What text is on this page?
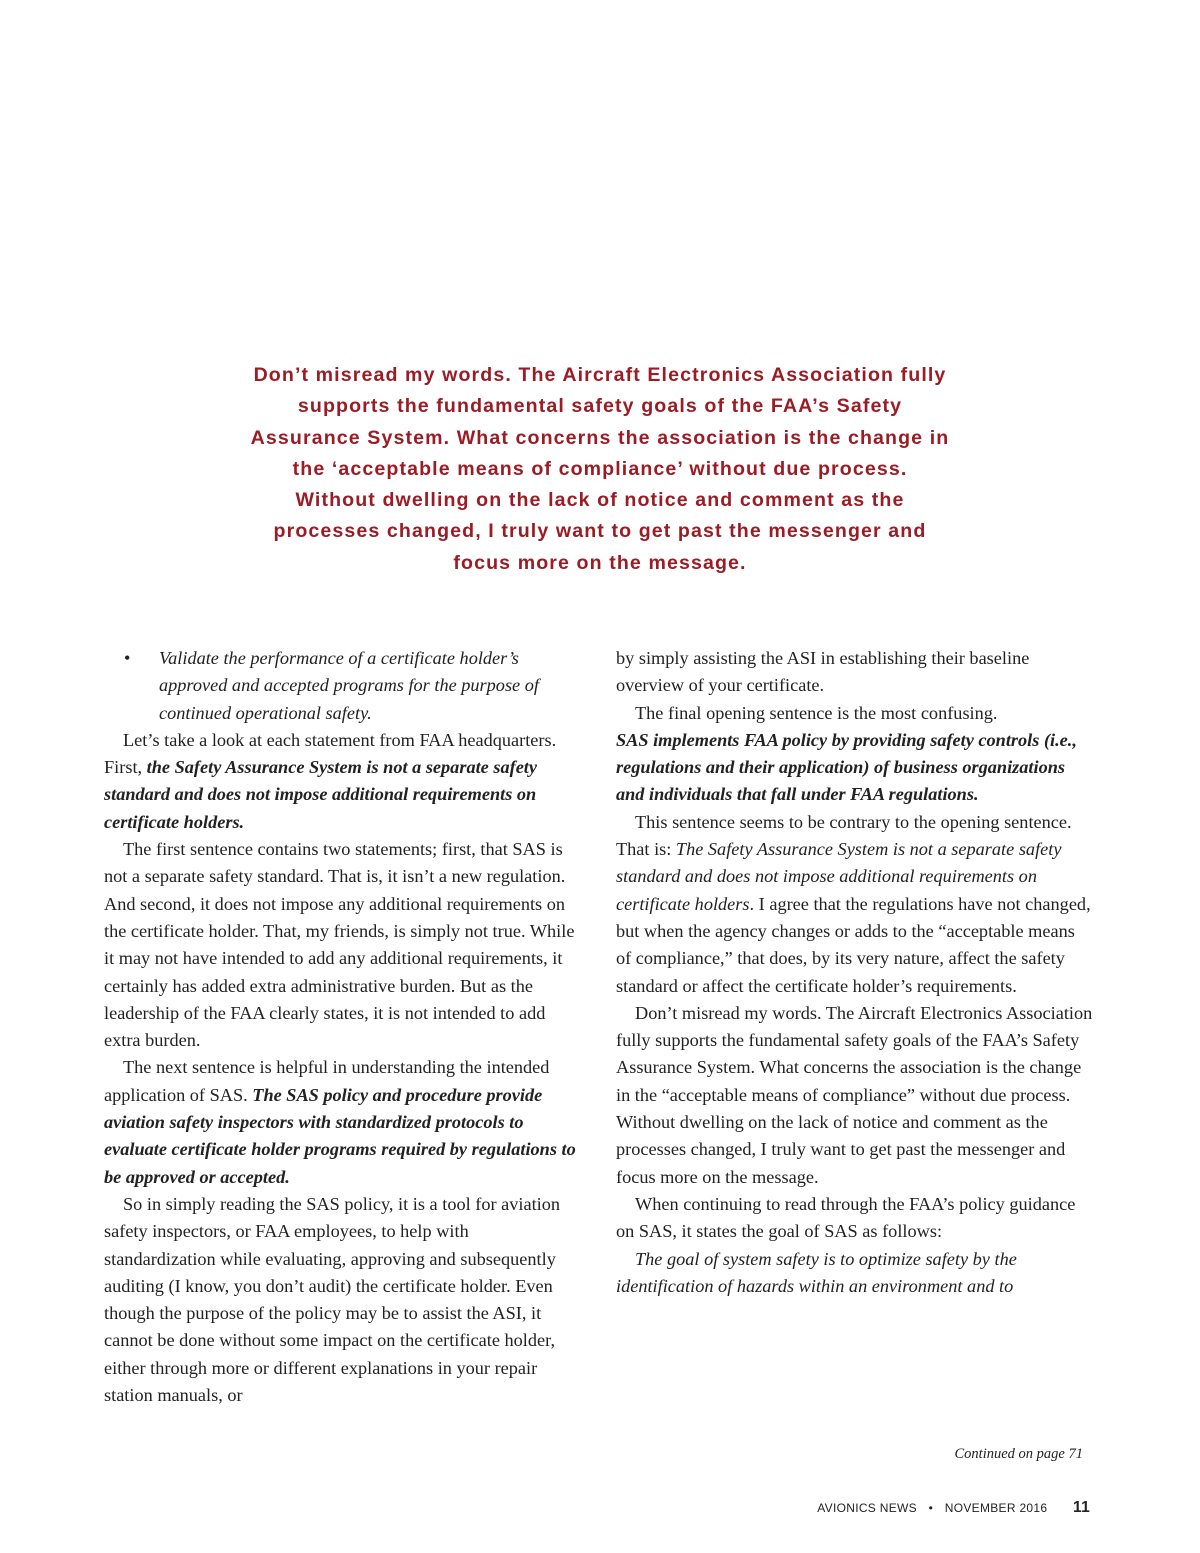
Don’t misread my words. The Aircraft Electronics Association fully supports the fundamental safety goals of the FAA’s Safety Assurance System. What concerns the association is the change in the ‘acceptable means of compliance’ without due process. Without dwelling on the lack of notice and comment as the processes changed, I truly want to get past the messenger and focus more on the message.
•	Validate the performance of a certificate holder’s approved and accepted programs for the purpose of continued operational safety.

Let’s take a look at each statement from FAA headquarters. First, the Safety Assurance System is not a separate safety standard and does not impose additional requirements on certificate holders.

The first sentence contains two statements; first, that SAS is not a separate safety standard. That is, it isn’t a new regulation. And second, it does not impose any additional requirements on the certificate holder. That, my friends, is simply not true. While it may not have intended to add any additional requirements, it certainly has added extra administrative burden. But as the leadership of the FAA clearly states, it is not intended to add extra burden.

The next sentence is helpful in understanding the intended application of SAS. The SAS policy and procedure provide aviation safety inspectors with standardized protocols to evaluate certificate holder programs required by regulations to be approved or accepted.

So in simply reading the SAS policy, it is a tool for aviation safety inspectors, or FAA employees, to help with standardization while evaluating, approving and subsequently auditing (I know, you don’t audit) the certificate holder. Even though the purpose of the policy may be to assist the ASI, it cannot be done without some impact on the certificate holder, either through more or different explanations in your repair station manuals, or

by simply assisting the ASI in establishing their baseline overview of your certificate.

The final opening sentence is the most confusing.

SAS implements FAA policy by providing safety controls (i.e., regulations and their application) of business organizations and individuals that fall under FAA regulations.

This sentence seems to be contrary to the opening sentence. That is: The Safety Assurance System is not a separate safety standard and does not impose additional requirements on certificate holders. I agree that the regulations have not changed, but when the agency changes or adds to the “acceptable means of compliance,” that does, by its very nature, affect the safety standard or affect the certificate holder’s requirements.

Don’t misread my words. The Aircraft Electronics Association fully supports the fundamental safety goals of the FAA’s Safety Assurance System. What concerns the association is the change in the “acceptable means of compliance” without due process. Without dwelling on the lack of notice and comment as the processes changed, I truly want to get past the messenger and focus more on the message.

When continuing to read through the FAA’s policy guidance on SAS, it states the goal of SAS as follows:

The goal of system safety is to optimize safety by the identification of hazards within an environment and to

Continued on page 71
AVIONICS NEWS • NOVEMBER 2016 11
